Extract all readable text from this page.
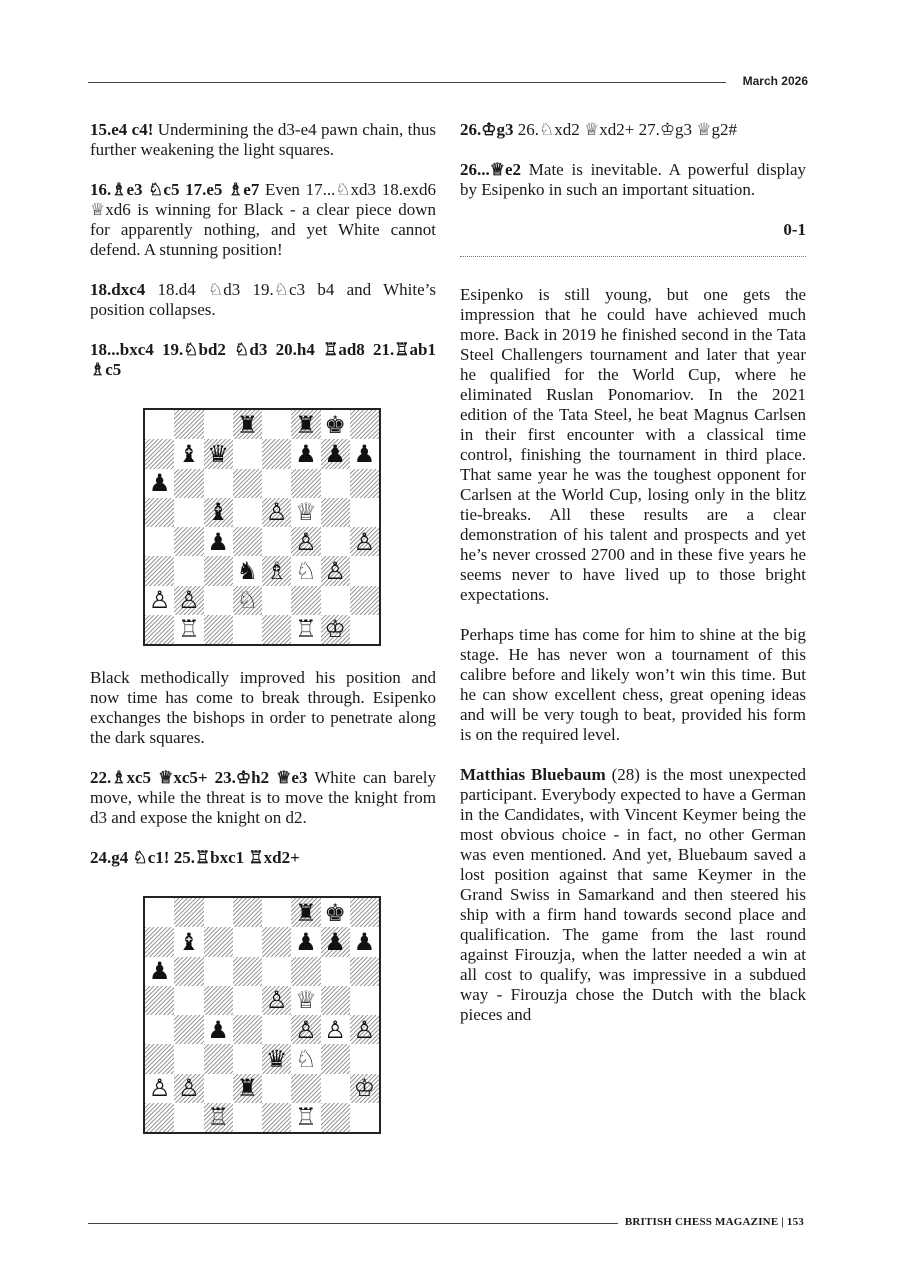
March 2026

15.e4 c4! Undermining the d3-e4 pawn chain, thus further weakening the light squares.

16.♗e3 ♘c5 17.e5 ♗e7 Even 17...♘xd3 18.exd6 ♕xd6 is winning for Black - a clear piece down for apparently nothing, and yet White cannot defend. A stunning position!

18.dxc4 18.d4 ♘d3 19.♘c3 b4 and White’s position collapses.

18...bxc4 19.♘bd2 ♘d3 20.h4 ♖ad8 21.♖ab1 ♗c5

♜ ♜ ♚
♝ ♛	♟ ♟ ♟
♟
♝ ♙ ♕
♟	♙ ♙
♞ ♗ ♘ ♙
♙ ♙ ♘
♖	♖ ♔

Black methodically improved his position and now time has come to break through. Esipenko exchanges the bishops in order to penetrate along the dark squares.

22.♗xc5 ♕xc5+ 23.♔h2 ♕e3 White can barely move, while the threat is to move the knight from d3 and expose the knight on d2.

24.g4 ♘c1! 25.♖bxc1 ♖xd2+

♜ ♚
♝	♟ ♟ ♟
♟
♙ ♕
♟	♙ ♙ ♙
♛ ♘
♙ ♙ ♜	♔
♖	♖

26.♔g3 26.♘xd2 ♕xd2+ 27.♔g3 ♕g2#

26...♕e2 Mate is inevitable. A powerful display by Esipenko in such an important situation.

0-1

Esipenko is still young, but one gets the impression that he could have achieved much more. Back in 2019 he finished second in the Tata Steel Challengers tournament and later that year he qualified for the World Cup, where he eliminated Ruslan Ponomariov. In the 2021 edition of the Tata Steel, he beat Magnus Carlsen in their first encounter with a classical time control, finishing the tournament in third place. That same year he was the toughest opponent for Carlsen at the World Cup, losing only in the blitz tie-breaks. All these results are a clear demonstration of his talent and prospects and yet he’s never crossed 2700 and in these five years he seems never to have lived up to those bright expectations.

Perhaps time has come for him to shine at the big stage. He has never won a tournament of this calibre before and likely won’t win this time. But he can show excellent chess, great opening ideas and will be very tough to beat, provided his form is on the required level.

Matthias Bluebaum (28) is the most unexpected participant. Everybody expected to have a German in the Candidates, with Vincent Keymer being the most obvious choice - in fact, no other German was even mentioned. And yet, Bluebaum saved a lost position against that same Keymer in the Grand Swiss in Samarkand and then steered his ship with a firm hand towards second place and qualification. The game from the last round against Firouzja, when the latter needed a win at all cost to qualify, was impressive in a subdued way - Firouzja chose the Dutch with the black pieces and

BRITISH CHESS MAGAZINE | 153
